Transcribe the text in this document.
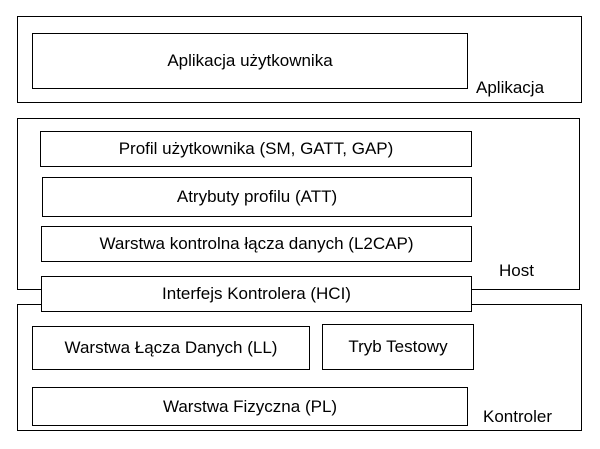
Aplikacja użytkownika
Aplikacja
Profil użytkownika (SM, GATT, GAP)
Atrybuty profilu (ATT)
Warstwa kontrolna łącza danych (L2CAP)
Host
Warstwa Łącza Danych (LL)	Tryb Testowy
Warstwa Fizyczna (PL)
Kontroler
Interfejs Kontrolera (HCI)
